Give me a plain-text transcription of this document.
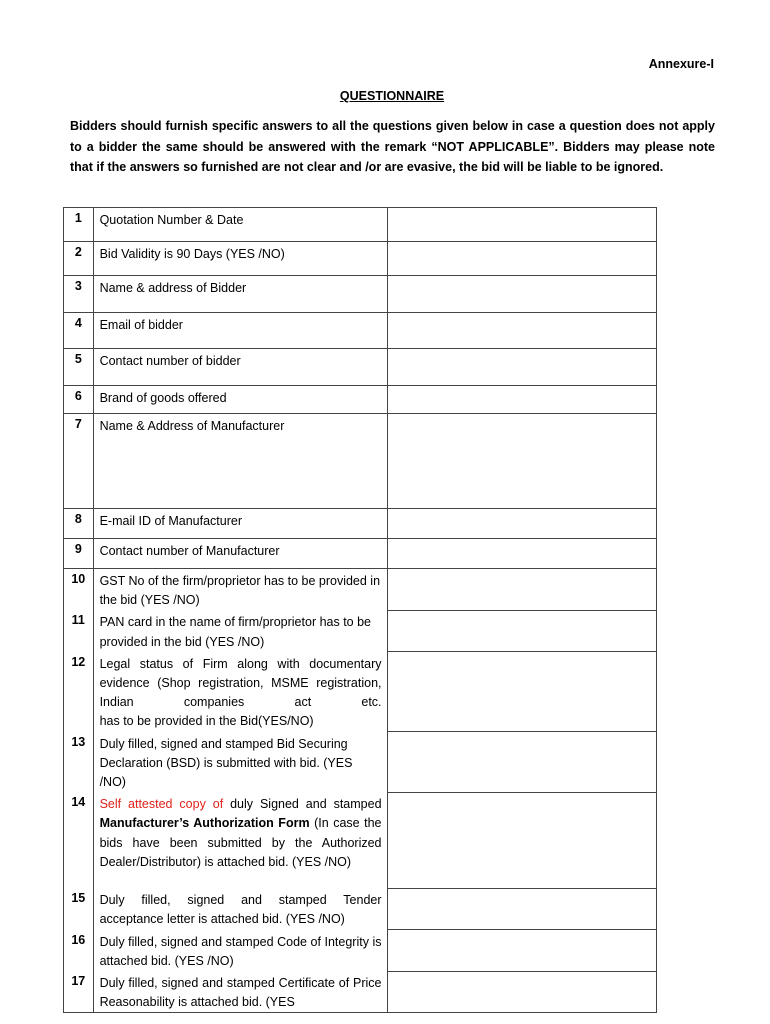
Annexure-I
QUESTIONNAIRE

Bidders should furnish specific answers to all the questions given below in case a question does not apply to a bidder the same should be answered with the remark “NOT APPLICABLE”. Bidders may please note that if the answers so furnished are not clear and /or are evasive, the bid will be liable to be ignored.

1	Quotation Number & Date	
2	Bid Validity is 90 Days (YES /NO)	
3	Name & address of Bidder	
4	Email of bidder	
5	Contact number of bidder	
6	Brand of goods offered	
7	Name & Address of Manufacturer	
8	E-mail ID of Manufacturer	
9	Contact number of Manufacturer	
10	GST No of the firm/proprietor has to be provided in the bid (YES /NO)	
11	PAN card in the name of firm/proprietor has to be provided in the bid (YES /NO)	
12	Legal status of Firm along with documentary evidence (Shop registration, MSME registration, Indian companies act etc.
has to be provided in the Bid(YES/NO)	

13	Duly filled, signed and stamped Bid Securing Declaration (BSD) is submitted with bid. (YES /NO)	
14	Self attested copy of duly Signed and stamped Manufacturer’s Authorization Form (In case the bids have been submitted by the Authorized Dealer/Distributor) is attached bid. (YES /NO)	
15	Duly filled, signed and stamped Tender acceptance letter is attached bid. (YES /NO)	
16	Duly filled, signed and stamped Code of Integrity is attached bid. (YES /NO)	
17	Duly filled, signed and stamped Certificate of Price Reasonability is attached bid. (YES	
